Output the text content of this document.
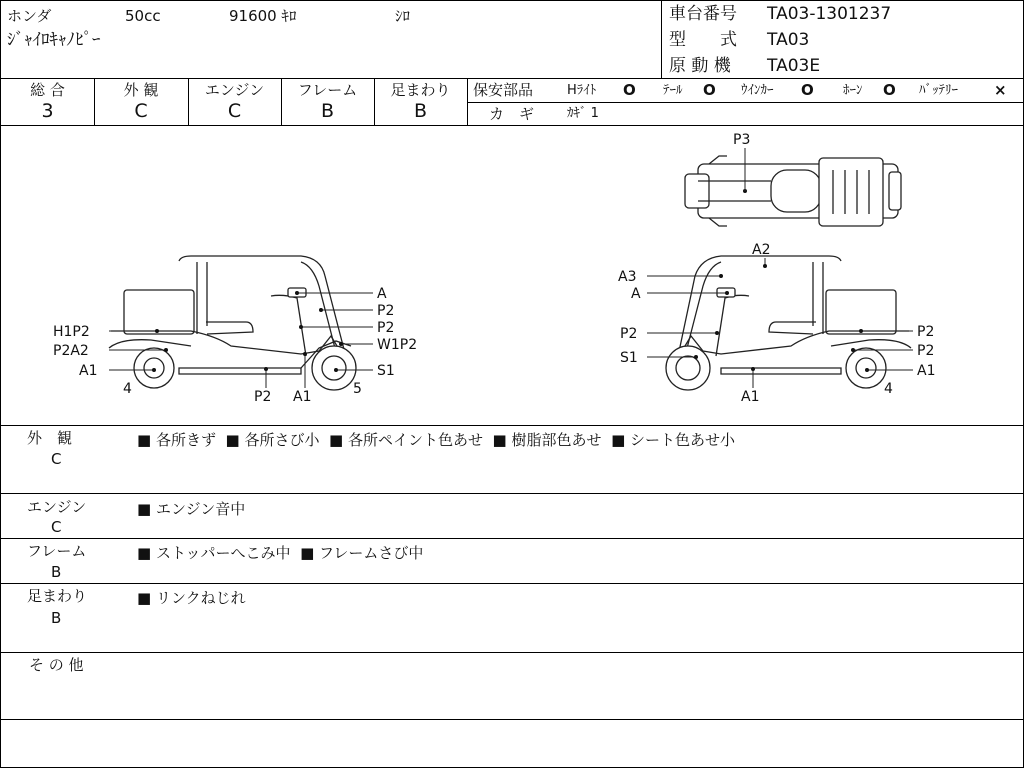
ホンダ	50cc	91600 ｷﾛ	ｼﾛ
ｼﾞｬｲﾛｷｬﾉﾋﾟｰ
車台番号 TA03-1301237
型　　式 TA03
原 動 機 TA03E
総 合	外 観	エンジン	フレーム	足まわり
3	C	C	B	B
保安部品	Hﾗｲﾄ O ﾃｰﾙ O ｳｲﾝｶｰ O ﾎｰﾝ O ﾊﾞｯﾃﾘｰ ×
カ　ギ	ｶｷﾞ 1
A
P2
P2
W1P2
S1
H1P2
P2A2
A1
4	P2 A1	5
A2
A3
A
P2
S1
A1
P2
P2
A1
4
P3
外　観
C
■ 各所きず  ■ 各所さび小  ■ 各所ペイント色あせ  ■ 樹脂部色あせ  ■ シート色あせ小
エンジン
C
■ エンジン音中
フレーム
B
■ ストッパーへこみ中  ■ フレームさび中
足まわり
B
■ リンクねじれ
そ の 他
